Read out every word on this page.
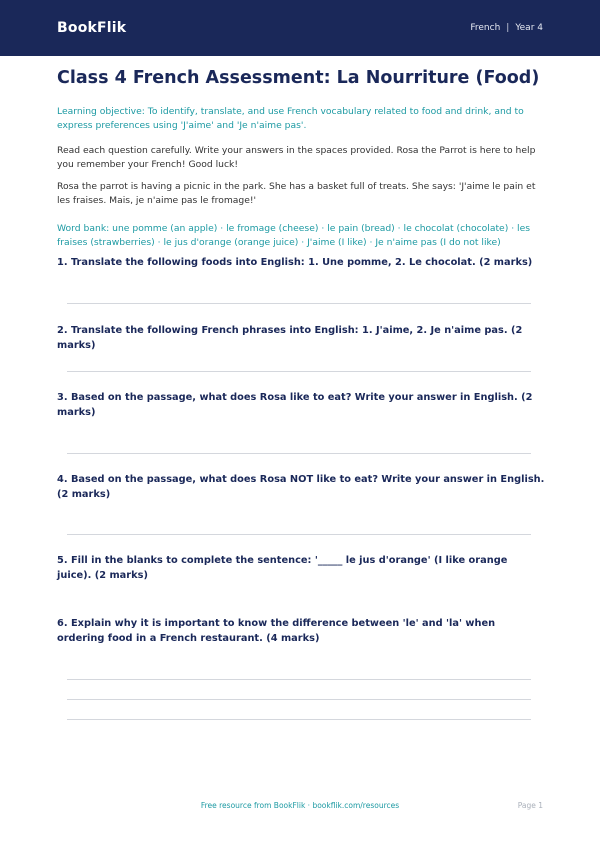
BookFlik	French | Year 4
Class 4 French Assessment: La Nourriture (Food)

Learning objective: To identify, translate, and use French vocabulary related to food and drink, and to express preferences using 'J'aime' and 'Je n'aime pas'.

Read each question carefully. Write your answers in the spaces provided. Rosa the Parrot is here to help you remember your French! Good luck!

Rosa the parrot is having a picnic in the park. She has a basket full of treats. She says: 'J'aime le pain et les fraises. Mais, je n'aime pas le fromage!'

Word bank: une pomme (an apple) · le fromage (cheese) · le pain (bread) · le chocolat (chocolate) · les fraises (strawberries) · le jus d'orange (orange juice) · J'aime (I like) · Je n'aime pas (I do not like)

1. Translate the following foods into English: 1. Une pomme, 2. Le chocolat. (2 marks)
2. Translate the following French phrases into English: 1. J'aime, 2. Je n'aime pas. (2 marks)
3. Based on the passage, what does Rosa like to eat? Write your answer in English. (2 marks)
4. Based on the passage, what does Rosa NOT like to eat? Write your answer in English. (2 marks)
5. Fill in the blanks to complete the sentence: '_____ le jus d'orange' (I like orange juice). (2 marks)
6. Explain why it is important to know the difference between 'le' and 'la' when ordering food in a French restaurant. (4 marks)
Free resource from BookFlik · bookflik.com/resources	Page 1
